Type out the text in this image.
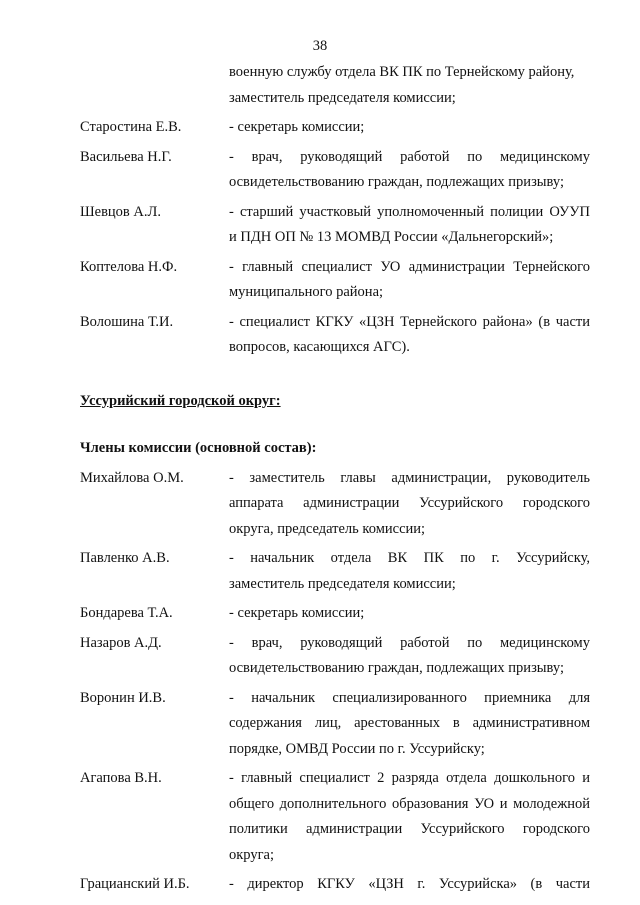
38
военную службу отдела ВК ПК по Тернейскому району,
заместитель председателя комиссии;
Старостина Е.В.	- секретарь комиссии;
Васильева Н.Г.	- врач, руководящий работой по медицинскому
освидетельствованию граждан, подлежащих призыву;
Шевцов А.Л.	- старший участковый уполномоченный полиции ОУУП
и ПДН ОП № 13 МОМВД России «Дальнегорский»;
Коптелова Н.Ф.	- главный специалист УО администрации Тернейского
муниципального района;
Волошина Т.И.	- специалист КГКУ «ЦЗН Тернейского района» (в части
вопросов, касающихся АГС).
Уссурийский городской округ:
Члены комиссии (основной состав):
Михайлова О.М.	- заместитель главы администрации, руководитель
аппарата администрации Уссурийского городского
округа, председатель комиссии;
Павленко А.В.	- начальник отдела ВК ПК по г. Уссурийску,
заместитель председателя комиссии;
Бондарева Т.А.	- секретарь комиссии;
Назаров А.Д.	- врач, руководящий работой по медицинскому
освидетельствованию граждан, подлежащих призыву;
Воронин И.В.	- начальник специализированного приемника для
содержания лиц, арестованных в административном
порядке, ОМВД России по г. Уссурийску;
Агапова В.Н.	- главный специалист 2 разряда отдела дошкольного и
общего дополнительного образования УО и молодежной
политики администрации Уссурийского городского
округа;
Грацианский И.Б.	- директор КГКУ «ЦЗН г. Уссурийска» (в части
